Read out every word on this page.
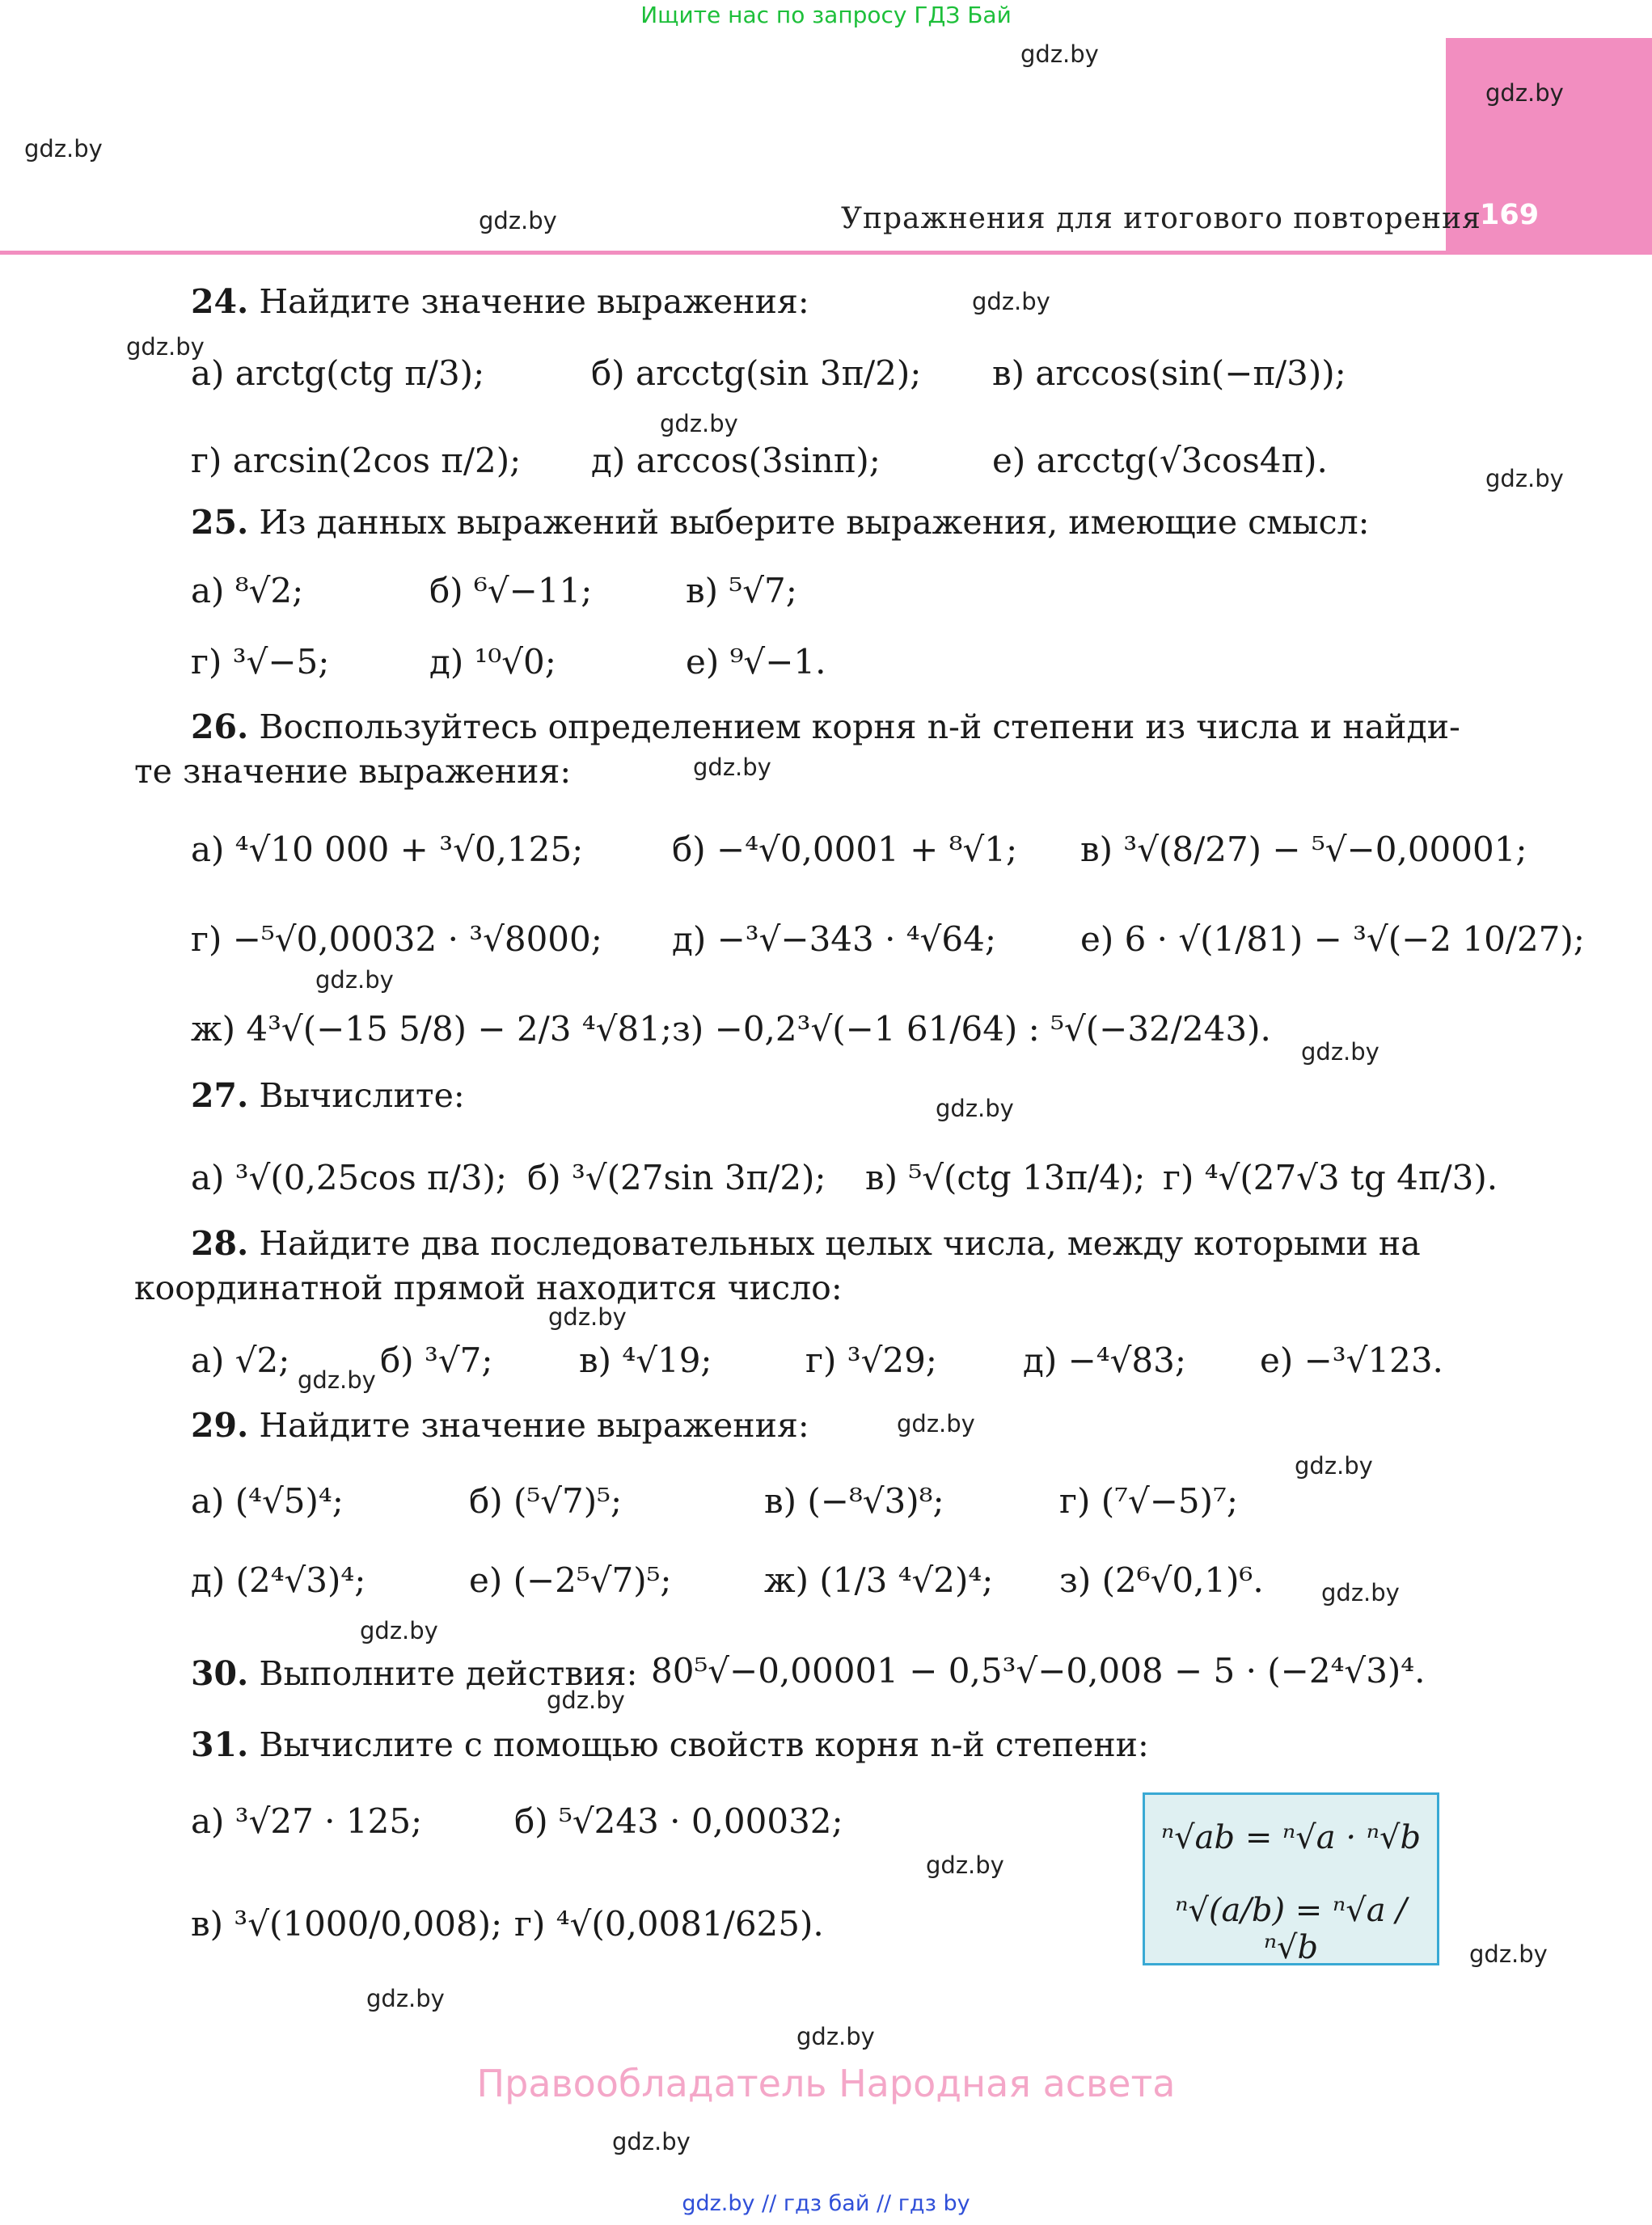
Ищите нас по запросу ГДЗ Бай
Упражнения для итогового повторения
169
gdz.by
gdz.by
gdz.by
gdz.by
gdz.by
gdz.by
gdz.by
gdz.by
gdz.by
gdz.by
gdz.by
gdz.by
gdz.by
gdz.by
gdz.by
gdz.by
gdz.by
gdz.by
gdz.by
gdz.by
gdz.by
gdz.by
gdz.by
gdz.by
24. Найдите значение выражения:
а) arctg(ctg π/3);	б) arcctg(sin 3π/2); в) arccos(sin(−π/3));
г) arcsin(2cos π/2); д) arccos(3sinπ);	е) arcctg(√3cos4π).
25. Из данных выражений выберите выражения, имеющие смысл:
а) ⁸√2;	б) ⁶√−11;	в) ⁵√7;
г) ³√−5;	д) ¹⁰√0;	е) ⁹√−1.
26. Воспользуйтесь определением корня n-й степени из числа и найди-
те значение выражения:
а) ⁴√10 000 + ³√0,125;	б) −⁴√0,0001 + ⁸√1; в) ³√(8/27) − ⁵√−0,00001;
г) −⁵√0,00032 · ³√8000; д) −³√−343 · ⁴√64; е) 6 · √(1/81) − ³√(−2 10/27);
ж) 4³√(−15 5/8) − 2/3 ⁴√81; з) −0,2³√(−1 61/64) : ⁵√(−32/243).
27. Вычислите:
а) ³√(0,25cos π/3); б) ³√(27sin 3π/2); в) ⁵√(ctg 13π/4); г) ⁴√(27√3 tg 4π/3).
28. Найдите два последовательных целых числа, между которыми на
координатной прямой находится число:
а) √2;	б) ³√7;	в) ⁴√19;	г) ³√29;	д) −⁴√83; е) −³√123.
29. Найдите значение выражения:
а) (⁴√5)⁴;	б) (⁵√7)⁵;	в) (−⁸√3)⁸;	г) (⁷√−5)⁷;
д) (2⁴√3)⁴;	е) (−2⁵√7)⁵;	ж) (1/3 ⁴√2)⁴; з) (2⁶√0,1)⁶.
30. Выполните действия: 80⁵√−0,00001 − 0,5³√−0,008 − 5 · (−2⁴√3)⁴.
31. Вычислите с помощью свойств корня n-й степени:
а) ³√27 · 125;	б) ⁵√243 · 0,00032;
в) ³√(1000/0,008); г) ⁴√(0,0081/625).
ⁿ√ab = ⁿ√a · ⁿ√b
ⁿ√(a/b) = ⁿ√a / ⁿ√b
Правообладатель Народная асвета
gdz.by // гдз бай // гдз by
